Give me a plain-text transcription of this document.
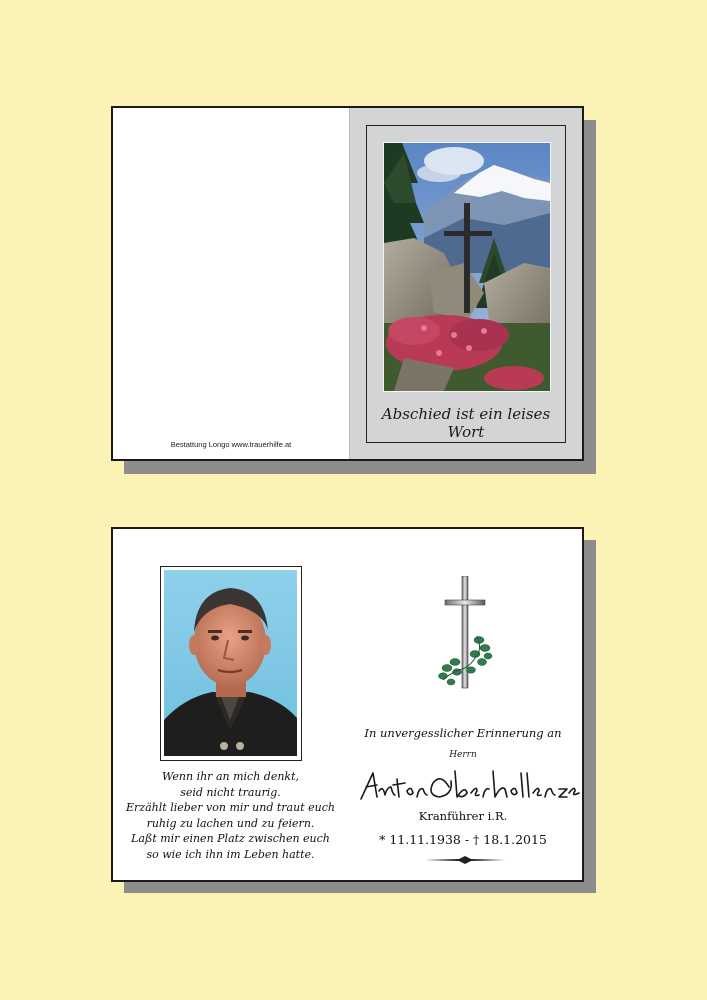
Bestattung Longo www.trauerhilfe.at
Abschied ist ein leises Wort
Wenn ihr an mich denkt,
seid nicht traurig.
Erzählt lieber von mir und traut euch
ruhig zu lachen und zu feiern.
Laßt mir einen Platz zwischen euch
so wie ich ihn im Leben hatte.
In unvergesslicher Erinnerung an
Herrn
Kranführer i.R.
* 11.11.1938 - † 18.1.2015
